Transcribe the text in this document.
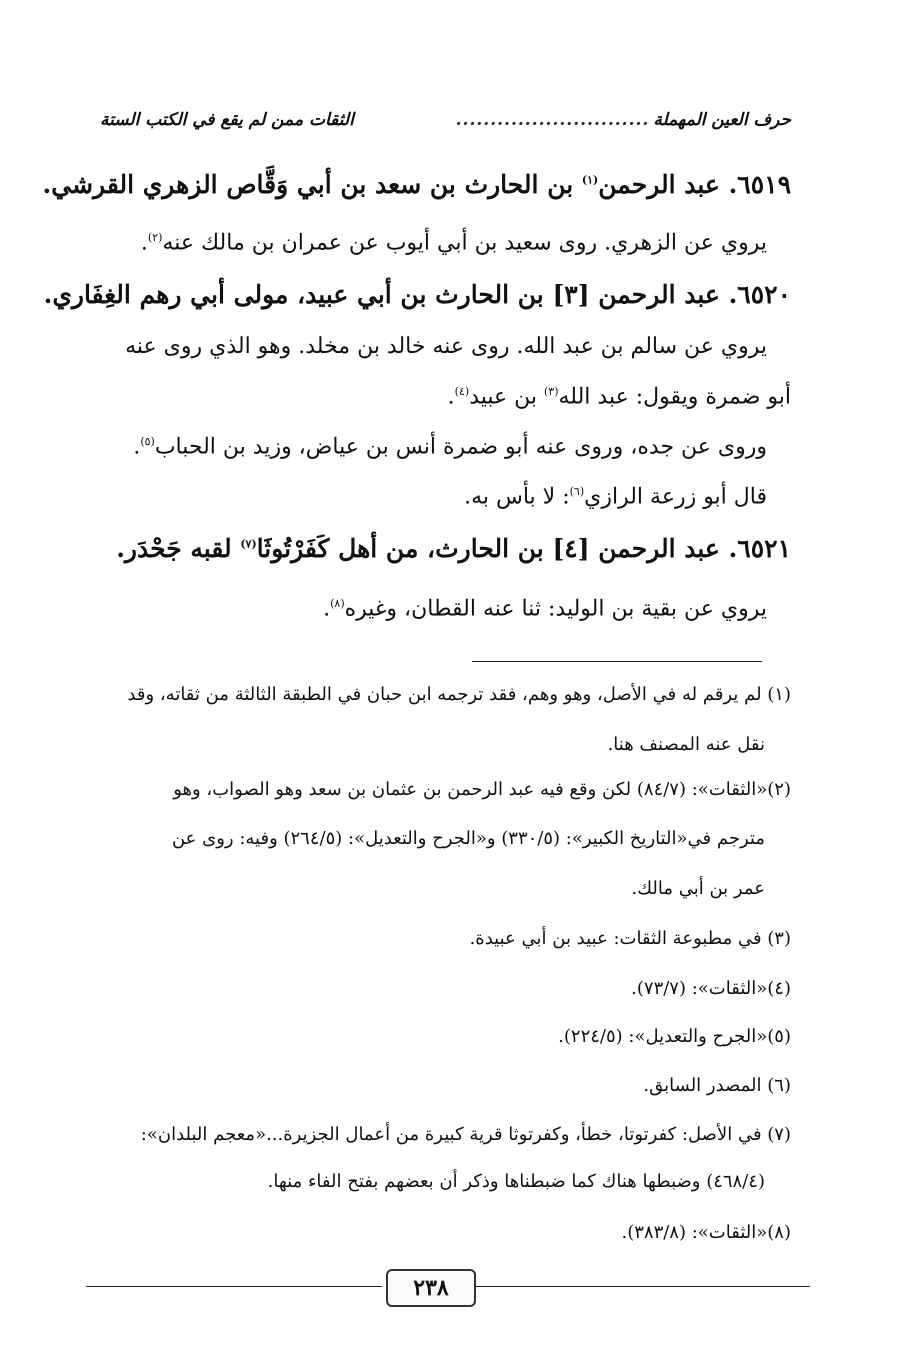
حرف العين المهملة
............................
الثقات ممن لم يقع في الكتب الستة
٦٥١٩. عبد الرحمن$^{(١)}$ بن الحارث بن سعد بن أبي وَقَّاص الزهري القرشي.
يروي عن الزهري. روى سعيد بن أبي أيوب عن عمران بن مالك عنه$^{(٢)}$.
٦٥٢٠. عبد الرحمن [٣] بن الحارث بن أبي عبيد، مولى أبي رهم الغِفَاري.
يروي عن سالم بن عبد الله. روى عنه خالد بن مخلد. وهو الذي روى عنه
أبو ضمرة ويقول: عبد الله$^{(٣)}$ بن عبيد$^{(٤)}$.
وروى عن جده، وروى عنه أبو ضمرة أنس بن عياض، وزيد بن الحباب$^{(٥)}$.
قال أبو زرعة الرازي$^{(٦)}$: لا بأس به.
٦٥٢١. عبد الرحمن [٤] بن الحارث، من أهل كَفَرْتُوثَا$^{(٧)}$ لقبه جَحْدَر.
يروي عن بقية بن الوليد: ثنا عنه القطان، وغيره$^{(٨)}$.
(١) لم يرقم له في الأصل، وهو وهم، فقد ترجمه ابن حبان في الطبقة الثالثة من ثقاته، وقد
نقل عنه المصنف هنا.
(٢)«الثقات»: (٨٤/٧) لكن وقع فيه عبد الرحمن بن عثمان بن سعد وهو الصواب، وهو
مترجم في«التاريخ الكبير»: (٣٣٠/٥) و«الجرح والتعديل»: (٢٦٤/٥) وفيه: روى عن
عمر بن أبي مالك.
(٣) في مطبوعة الثقات: عبيد بن أبي عبيدة.
(٤)«الثقات»: (٧٣/٧).
(٥)«الجرح والتعديل»: (٢٢٤/٥).
(٦) المصدر السابق.
(٧) في الأصل: كفرتوتا، خطأ، وكفرتوثا قرية كبيرة من أعمال الجزيرة...«معجم البلدان»:
(٤٦٨/٤) وضبطها هناك كما ضبطناها وذكر أن بعضهم بفتح الفاء منها.
(٨)«الثقات»: (٣٨٣/٨).
٢٣٨
